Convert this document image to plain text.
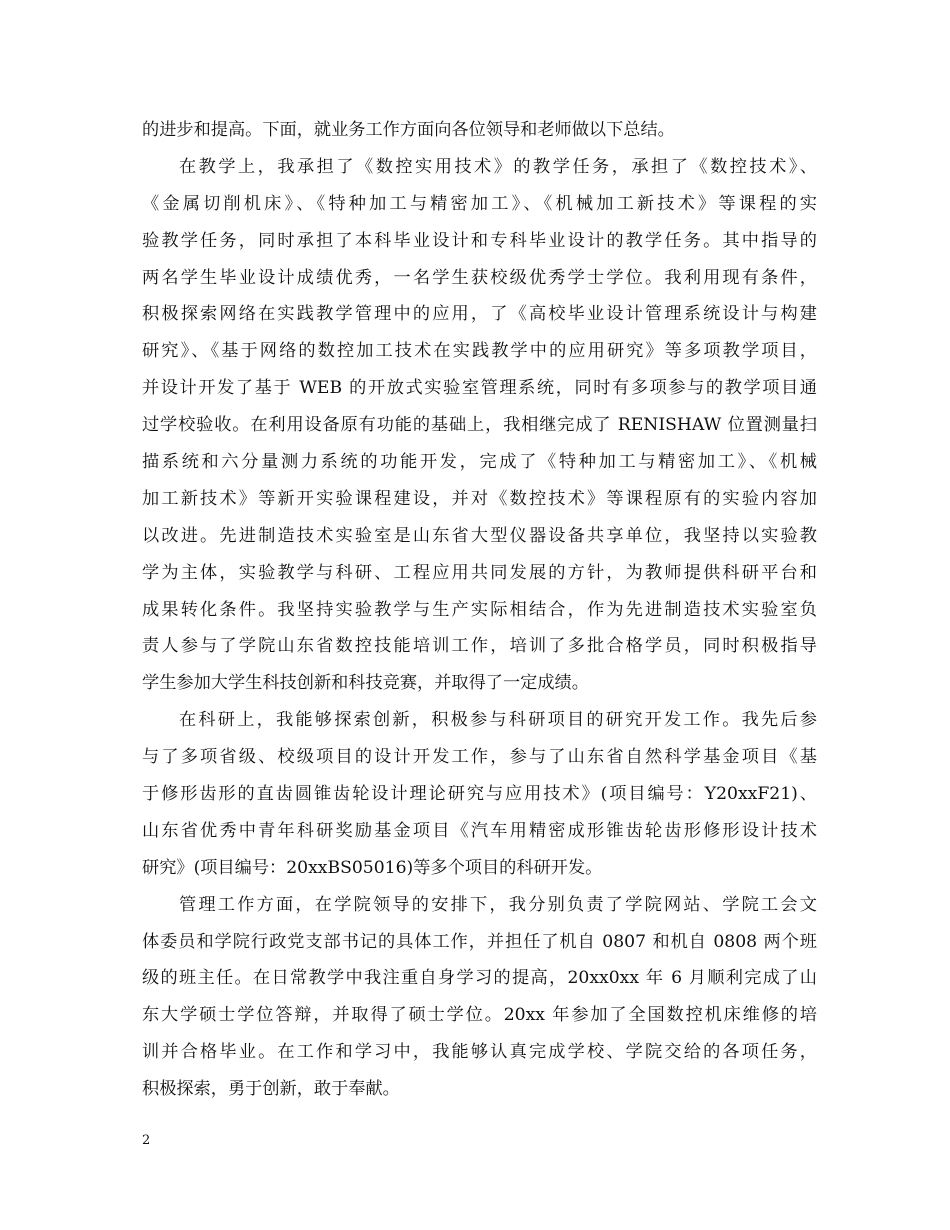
的进步和提高。下面，就业务工作方面向各位领导和老师做以下总结。
在教学上，我承担了《数控实用技术》的教学任务，承担了《数控技术》、
《金属切削机床》、《特种加工与精密加工》、《机械加工新技术》等课程的实
验教学任务，同时承担了本科毕业设计和专科毕业设计的教学任务。其中指导的
两名学生毕业设计成绩优秀，一名学生获校级优秀学士学位。我利用现有条件，
积极探索网络在实践教学管理中的应用，了《高校毕业设计管理系统设计与构建
研究》、《基于网络的数控加工技术在实践教学中的应用研究》等多项教学项目，
并设计开发了基于 WEB 的开放式实验室管理系统，同时有多项参与的教学项目通
过学校验收。在利用设备原有功能的基础上，我相继完成了 RENISHAW 位置测量扫
描系统和六分量测力系统的功能开发，完成了《特种加工与精密加工》、《机械
加工新技术》等新开实验课程建设，并对《数控技术》等课程原有的实验内容加
以改进。先进制造技术实验室是山东省大型仪器设备共享单位，我坚持以实验教
学为主体，实验教学与科研、工程应用共同发展的方针，为教师提供科研平台和
成果转化条件。我坚持实验教学与生产实际相结合，作为先进制造技术实验室负
责人参与了学院山东省数控技能培训工作，培训了多批合格学员，同时积极指导
学生参加大学生科技创新和科技竞赛，并取得了一定成绩。
在科研上，我能够探索创新，积极参与科研项目的研究开发工作。我先后参
与了多项省级、校级项目的设计开发工作，参与了山东省自然科学基金项目《基
于修形齿形的直齿圆锥齿轮设计理论研究与应用技术》(项目编号：Y20xxF21)、
山东省优秀中青年科研奖励基金项目《汽车用精密成形锥齿轮齿形修形设计技术
研究》(项目编号：20xxBS05016)等多个项目的科研开发。
管理工作方面，在学院领导的安排下，我分别负责了学院网站、学院工会文
体委员和学院行政党支部书记的具体工作，并担任了机自 0807 和机自 0808 两个班
级的班主任。在日常教学中我注重自身学习的提高，20xx0xx 年 6 月顺利完成了山
东大学硕士学位答辩，并取得了硕士学位。20xx 年参加了全国数控机床维修的培
训并合格毕业。在工作和学习中，我能够认真完成学校、学院交给的各项任务，
积极探索，勇于创新，敢于奉献。
2
